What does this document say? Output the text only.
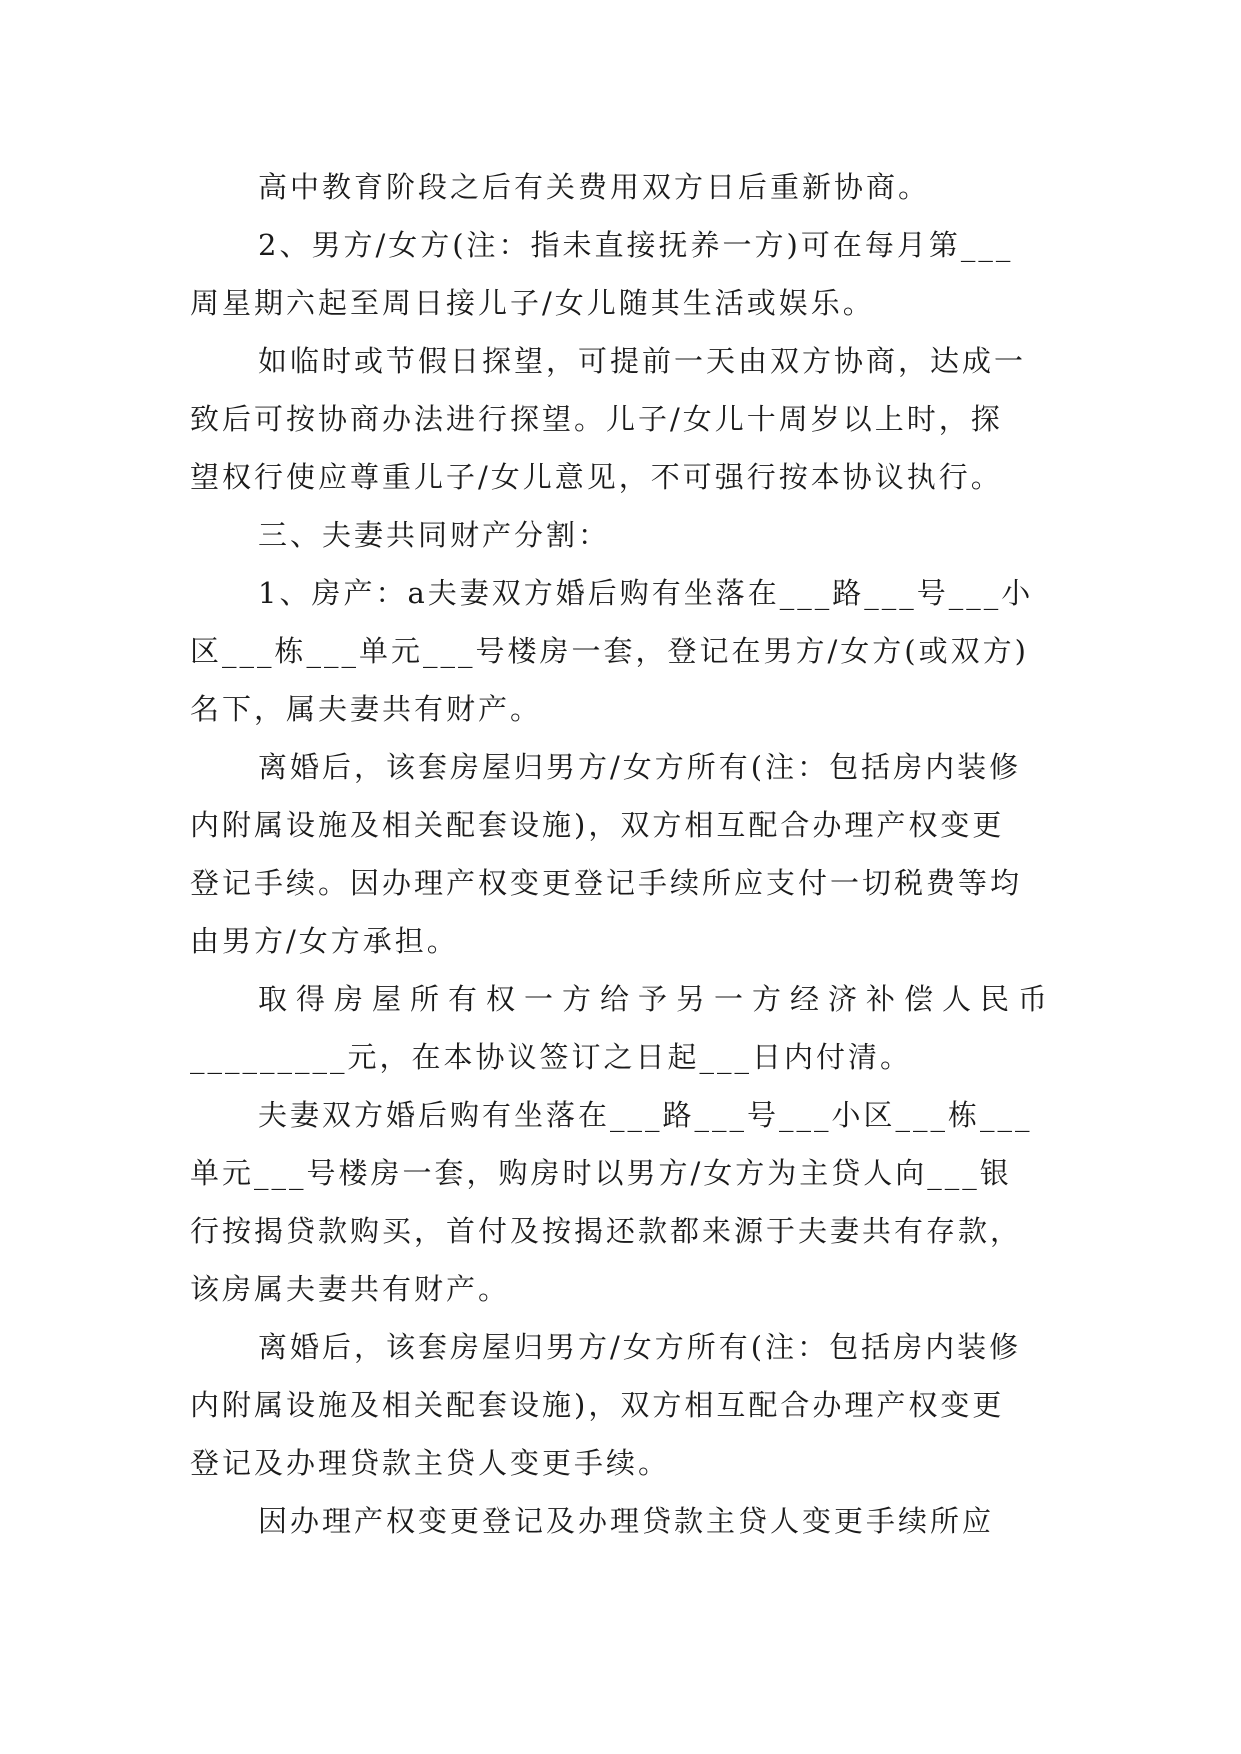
高中教育阶段之后有关费用双方日后重新协商。
2、男方/女方(注：指未直接抚养一方)可在每月第___
周星期六起至周日接儿子/女儿随其生活或娱乐。
如临时或节假日探望，可提前一天由双方协商，达成一
致后可按协商办法进行探望。儿子/女儿十周岁以上时，探
望权行使应尊重儿子/女儿意见，不可强行按本协议执行。
三、夫妻共同财产分割：
1、房产：a夫妻双方婚后购有坐落在___路___号___小
区___栋___单元___号楼房一套，登记在男方/女方(或双方)
名下，属夫妻共有财产。
离婚后，该套房屋归男方/女方所有(注：包括房内装修
内附属设施及相关配套设施)，双方相互配合办理产权变更
登记手续。因办理产权变更登记手续所应支付一切税费等均
由男方/女方承担。
取得房屋所有权一方给予另一方经济补偿人民币
_________元，在本协议签订之日起___日内付清。
夫妻双方婚后购有坐落在___路___号___小区___栋___
单元___号楼房一套，购房时以男方/女方为主贷人向___银
行按揭贷款购买，首付及按揭还款都来源于夫妻共有存款，
该房属夫妻共有财产。
离婚后，该套房屋归男方/女方所有(注：包括房内装修
内附属设施及相关配套设施)，双方相互配合办理产权变更
登记及办理贷款主贷人变更手续。
因办理产权变更登记及办理贷款主贷人变更手续所应
